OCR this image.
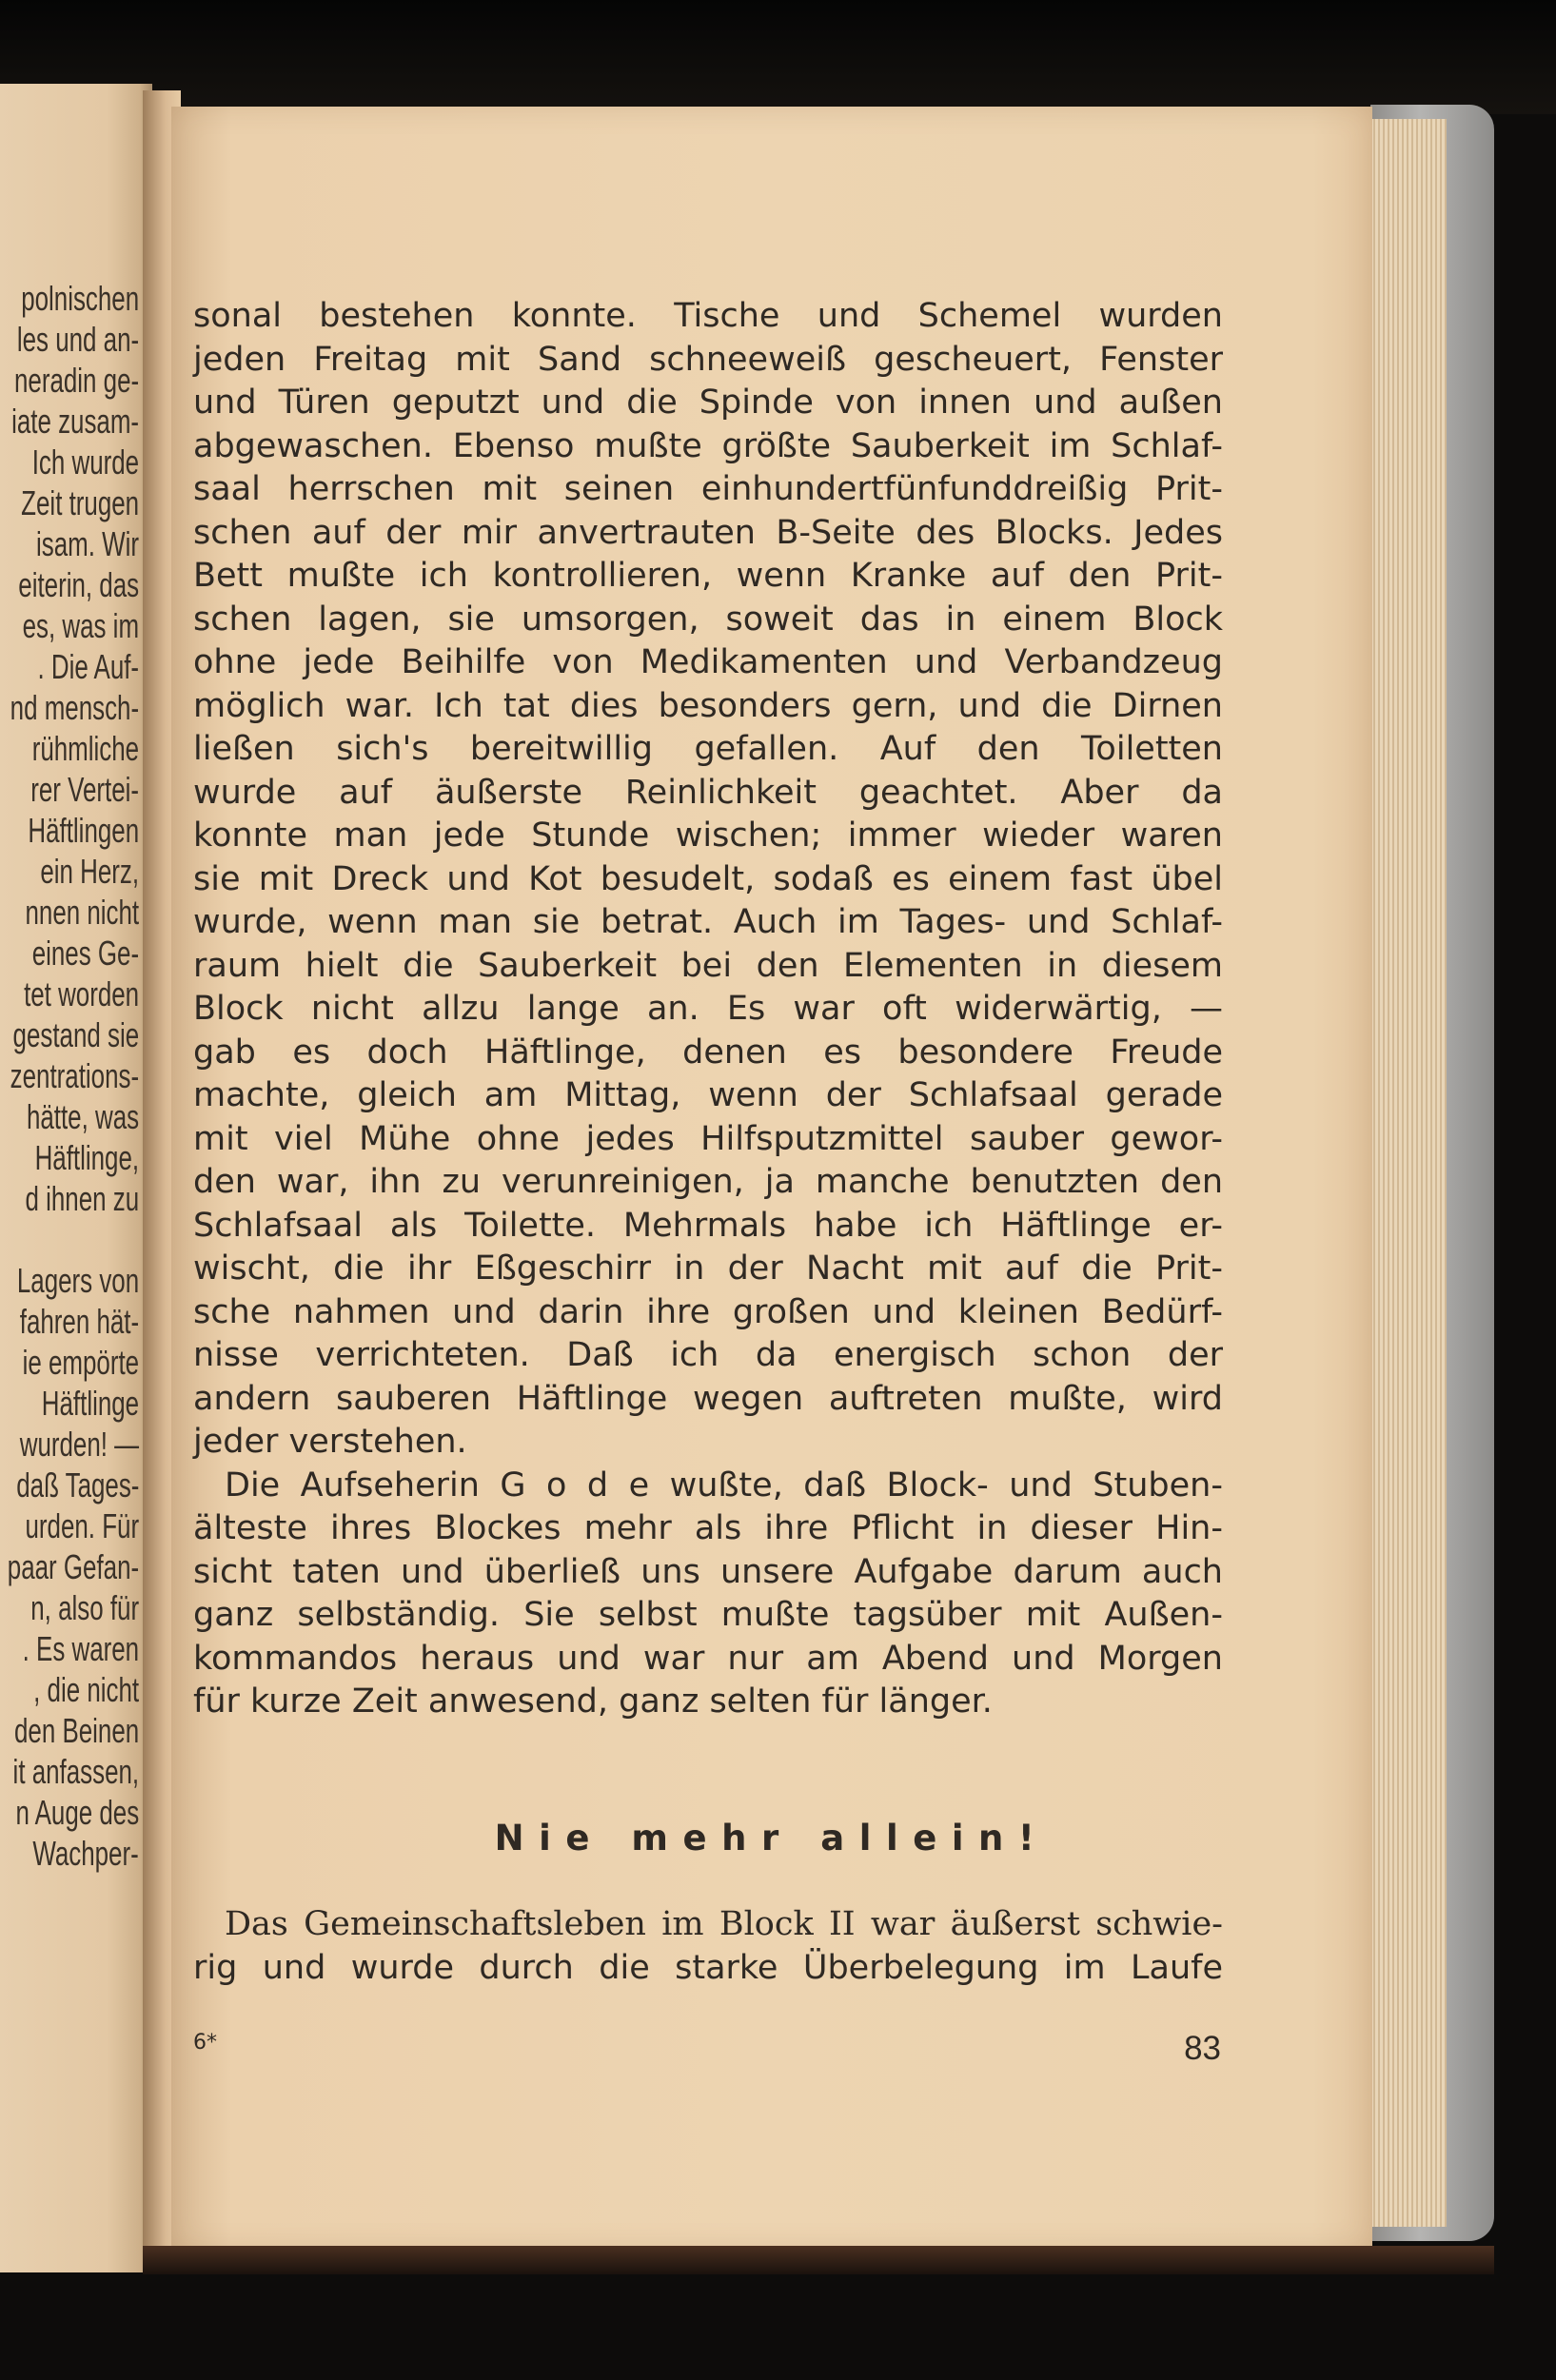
polnischen

les und an-

neradin ge-

iate zusam-

Ich wurde

Zeit trugen

isam. Wir

eiterin, das

es, was im

. Die Auf-

nd mensch-

rühmliche

rer Vertei-

Häftlingen

ein Herz,

nnen nicht

eines Ge-

tet worden

gestand sie

zentrations-

hätte, was

Häftlinge,

d ihnen zu

Lagers von

fahren hät-

ie empörte

Häftlinge

wurden! —

daß Tages-

urden. Für

paar Gefan-

n, also für

. Es waren

, die nicht

den Beinen

it anfassen,

n Auge des

Wachper-

sonal bestehen konnte. Tische und Schemel wurden

jeden Freitag mit Sand schneeweiß gescheuert, Fenster

und Türen geputzt und die Spinde von innen und außen

abgewaschen. Ebenso mußte größte Sauberkeit im Schlaf-

saal herrschen mit seinen einhundertfünfunddreißig Prit-

schen auf der mir anvertrauten B-Seite des Blocks. Jedes

Bett mußte ich kontrollieren, wenn Kranke auf den Prit-

schen lagen, sie umsorgen, soweit das in einem Block

ohne jede Beihilfe von Medikamenten und Verbandzeug

möglich war. Ich tat dies besonders gern, und die Dirnen

ließen sich's bereitwillig gefallen. Auf den Toiletten

wurde auf äußerste Reinlichkeit geachtet. Aber da

konnte man jede Stunde wischen; immer wieder waren

sie mit Dreck und Kot besudelt, sodaß es einem fast übel

wurde, wenn man sie betrat. Auch im Tages- und Schlaf-

raum hielt die Sauberkeit bei den Elementen in diesem

Block nicht allzu lange an. Es war oft widerwärtig, —

gab es doch Häftlinge, denen es besondere Freude

machte, gleich am Mittag, wenn der Schlafsaal gerade

mit viel Mühe ohne jedes Hilfsputzmittel sauber gewor-

den war, ihn zu verunreinigen, ja manche benutzten den

Schlafsaal als Toilette. Mehrmals habe ich Häftlinge er-

wischt, die ihr Eßgeschirr in der Nacht mit auf die Prit-

sche nahmen und darin ihre großen und kleinen Bedürf-

nisse verrichteten. Daß ich da energisch schon der

andern sauberen Häftlinge wegen auftreten mußte, wird

jeder verstehen.

Die Aufseherin G o d e wußte, daß Block- und Stuben-

älteste ihres Blockes mehr als ihre Pflicht in dieser Hin-

sicht taten und überließ uns unsere Aufgabe darum auch

ganz selbständig. Sie selbst mußte tagsüber mit Außen-

kommandos heraus und war nur am Abend und Morgen

für kurze Zeit anwesend, ganz selten für länger.

Nie mehr allein!

Das Gemeinschaftsleben im Block II war äußerst schwie-

rig und wurde durch die starke Überbelegung im Laufe

6*	83
